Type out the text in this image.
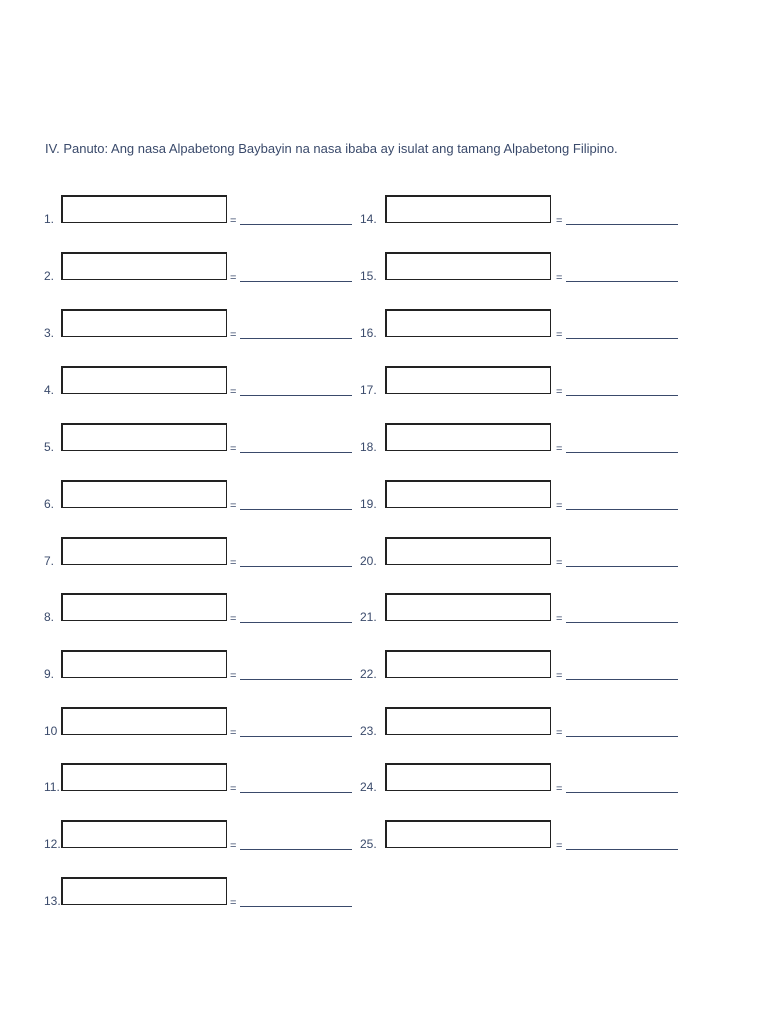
IV. Panuto: Ang nasa Alpabetong Baybayin na nasa ibaba ay isulat ang tamang Alpabetong Filipino.
1.	=
2.	=
3.	=
4.	=
5.	=
6.	=
7.	=
8.	=
9.	=
10	=
11.	=
12.	=
13.	=
14.	=
15.	=
16.	=
17.	=
18.	=
19.	=
20.	=
21.	=
22.	=
23.	=
24.	=
25.	=
